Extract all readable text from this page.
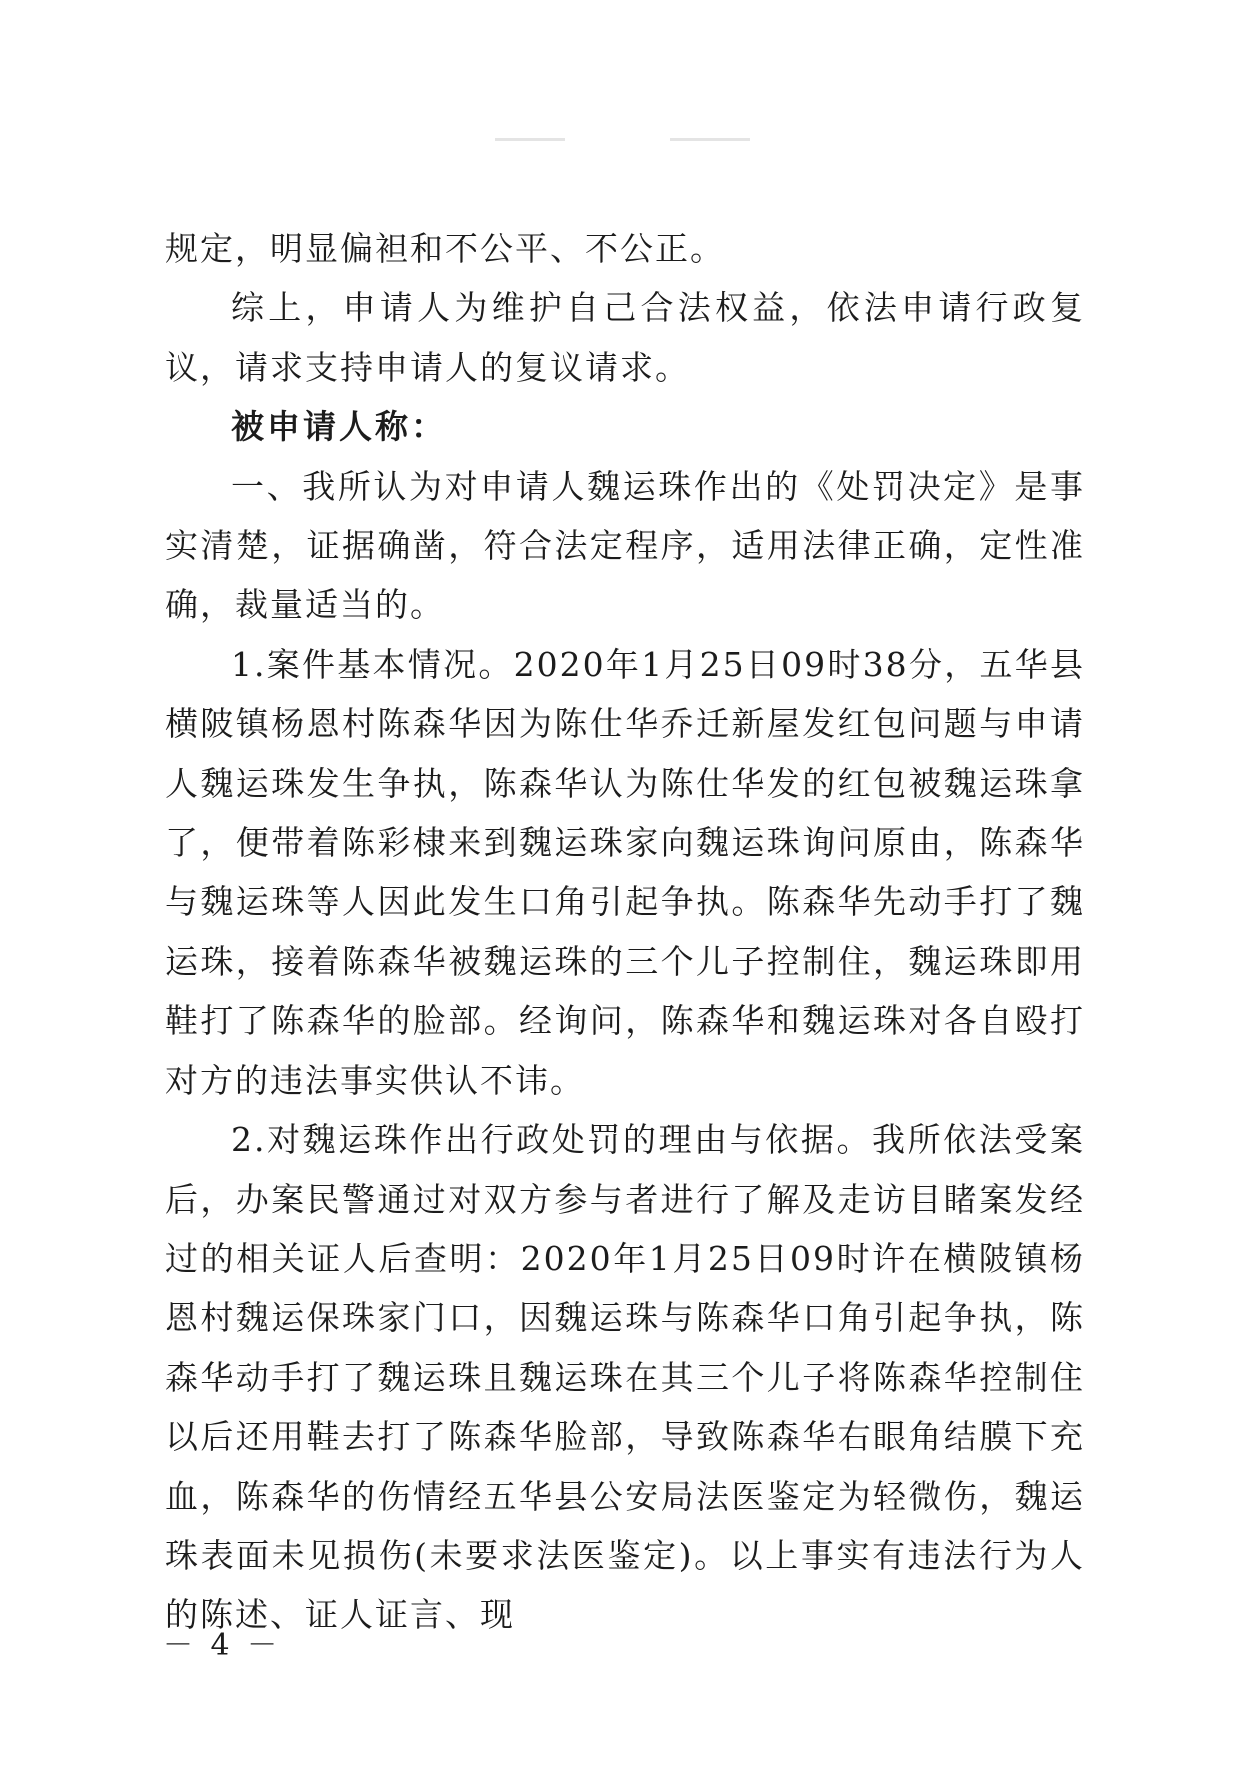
规定，明显偏袒和不公平、不公正。

综上，申请人为维护自己合法权益，依法申请行政复议，请求支持申请人的复议请求。

被申请人称：

一、我所认为对申请人魏运珠作出的《处罚决定》是事实清楚，证据确凿，符合法定程序，适用法律正确，定性准确，裁量适当的。

1.案件基本情况。2020年1月25日09时38分，五华县横陂镇杨恩村陈森华因为陈仕华乔迁新屋发红包问题与申请人魏运珠发生争执，陈森华认为陈仕华发的红包被魏运珠拿了，便带着陈彩棣来到魏运珠家向魏运珠询问原由，陈森华与魏运珠等人因此发生口角引起争执。陈森华先动手打了魏运珠，接着陈森华被魏运珠的三个儿子控制住，魏运珠即用鞋打了陈森华的脸部。经询问，陈森华和魏运珠对各自殴打对方的违法事实供认不讳。

2.对魏运珠作出行政处罚的理由与依据。我所依法受案后，办案民警通过对双方参与者进行了解及走访目睹案发经过的相关证人后查明：2020年1月25日09时许在横陂镇杨恩村魏运保珠家门口，因魏运珠与陈森华口角引起争执，陈森华动手打了魏运珠且魏运珠在其三个儿子将陈森华控制住以后还用鞋去打了陈森华脸部，导致陈森华右眼角结膜下充血，陈森华的伤情经五华县公安局法医鉴定为轻微伤，魏运珠表面未见损伤(未要求法医鉴定)。以上事实有违法行为人的陈述、证人证言、现

－ 4 －
